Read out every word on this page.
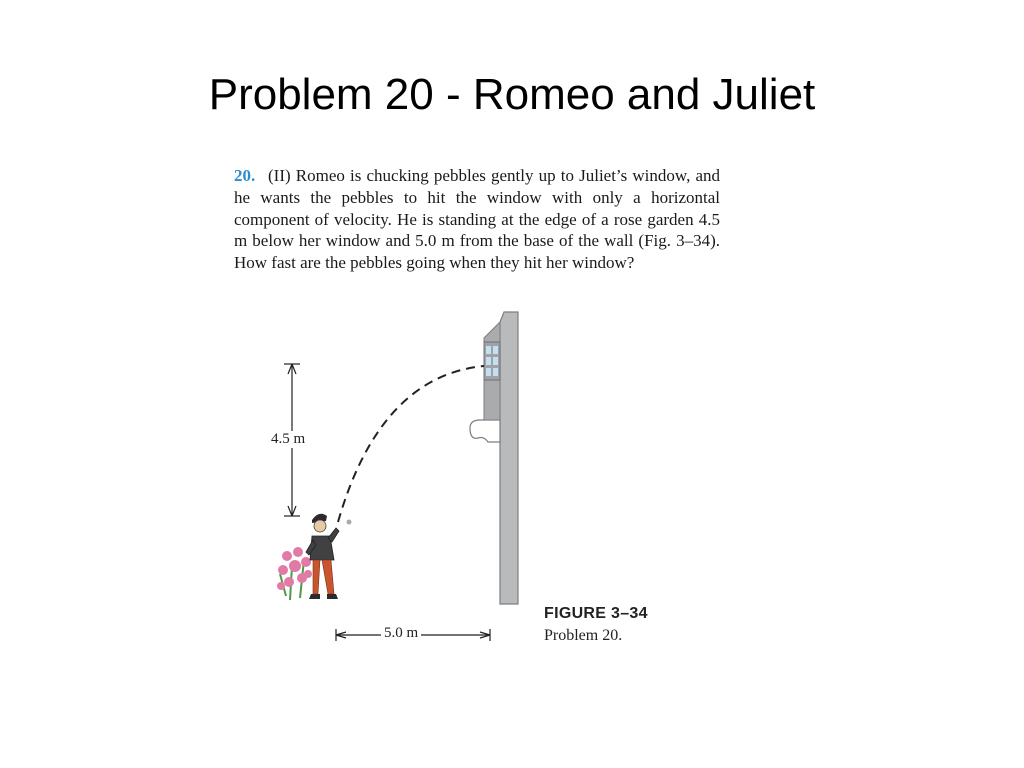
Problem 20 - Romeo and Juliet
20. (II) Romeo is chucking pebbles gently up to Juliet’s window, and he wants the pebbles to hit the window with only a horizontal component of velocity. He is standing at the edge of a rose garden 4.5 m below her window and 5.0 m from the base of the wall (Fig. 3–34). How fast are the pebbles going when they hit her window?
4.5 m
5.0 m
FIGURE 3–34
Problem 20.
